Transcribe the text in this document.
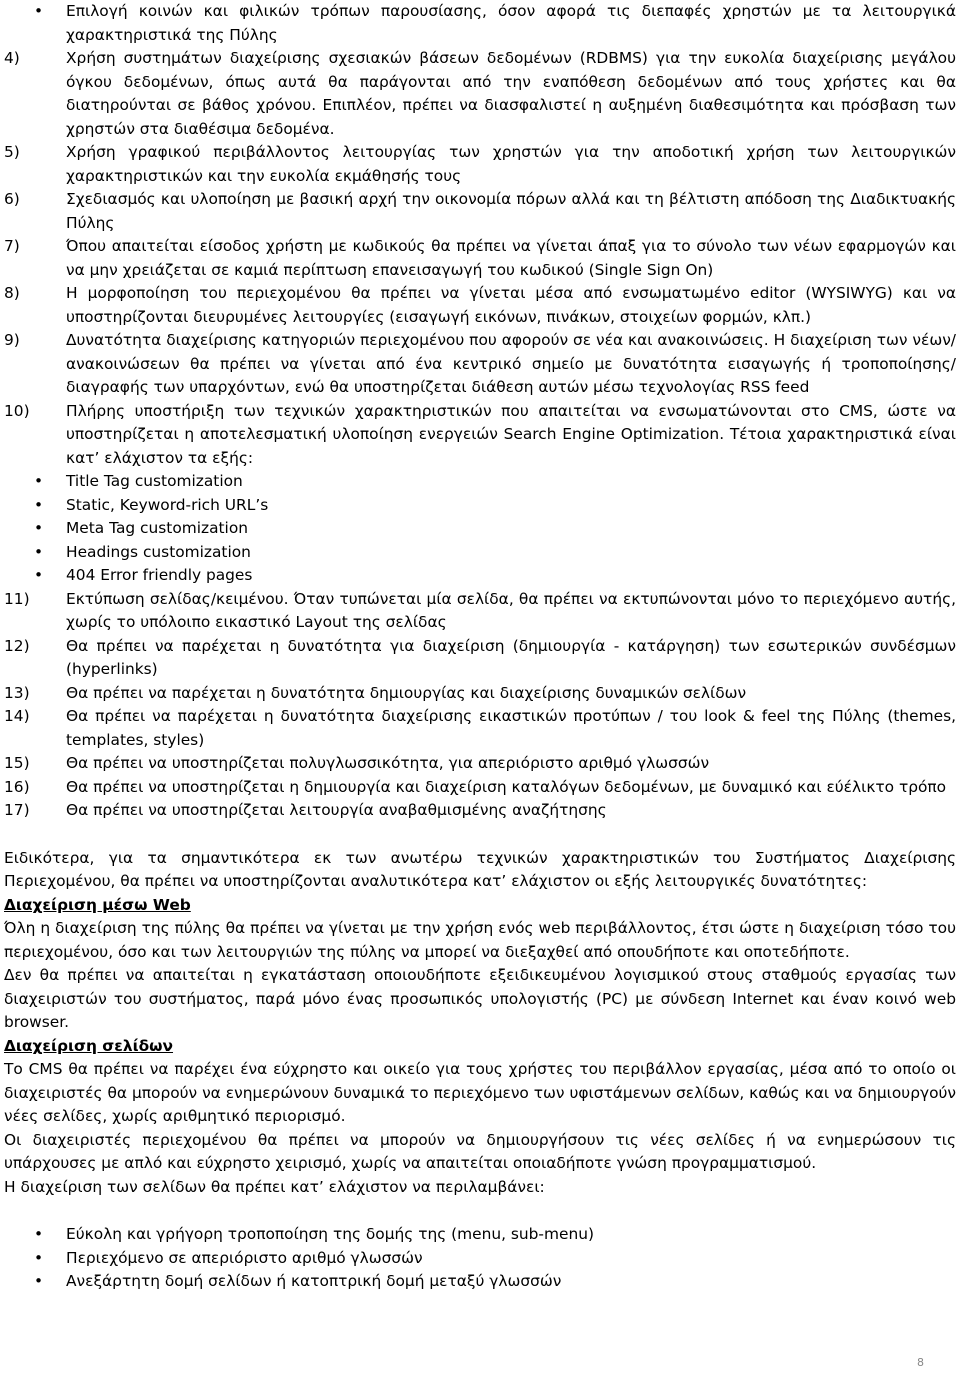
•	Επιλογή κοινών και φιλικών τρόπων παρουσίασης, όσον αφορά τις διεπαφές χρηστών με τα λειτουργικά χαρακτηριστικά της Πύλης
4)	Χρήση συστημάτων διαχείρισης σχεσιακών βάσεων δεδομένων (RDBMS) για την ευκολία διαχείρισης μεγάλου όγκου δεδομένων, όπως αυτά θα παράγονται από την εναπόθεση δεδομένων από τους χρήστες και θα διατηρούνται σε βάθος χρόνου. Επιπλέον, πρέπει να διασφαλιστεί η αυξημένη διαθεσιμότητα και πρόσβαση των χρηστών στα διαθέσιμα δεδομένα.
5)	Χρήση γραφικού περιβάλλοντος λειτουργίας των χρηστών για την αποδοτική χρήση των λειτουργικών χαρακτηριστικών και την ευκολία εκμάθησής τους
6)	Σχεδιασμός και υλοποίηση με βασική αρχή την οικονομία πόρων αλλά και τη βέλτιστη απόδοση της Διαδικτυακής Πύλης
7)	Όπου απαιτείται είσοδος χρήστη με κωδικούς θα πρέπει να γίνεται άπαξ για το σύνολο των νέων εφαρμογών και να μην χρειάζεται σε καμιά περίπτωση επανεισαγωγή του κωδικού (Single Sign On)
8)	Η μορφοποίηση του περιεχομένου θα πρέπει να γίνεται μέσα από ενσωματωμένο editor (WYSIWYG) και να υποστηρίζονται διευρυμένες λειτουργίες (εισαγωγή εικόνων, πινάκων, στοιχείων φορμών, κλπ.)
9)	Δυνατότητα διαχείρισης κατηγοριών περιεχομένου που αφορούν σε νέα και ανακοινώσεις. Η διαχείριση των νέων/ανακοινώσεων θα πρέπει να γίνεται από ένα κεντρικό σημείο με δυνατότητα εισαγωγής ή τροποποίησης/διαγραφής των υπαρχόντων, ενώ θα υποστηρίζεται διάθεση αυτών μέσω τεχνολογίας RSS feed
10)	Πλήρης υποστήριξη των τεχνικών χαρακτηριστικών που απαιτείται να ενσωματώνονται στο CMS, ώστε να υποστηρίζεται η αποτελεσματική υλοποίηση ενεργειών Search Engine Optimization. Τέτοια χαρακτηριστικά είναι κατ’ ελάχιστον τα εξής:
•	Title Tag customization
•	Static, Keyword-rich URL’s
•	Meta Tag customization
•	Headings customization
•	404 Error friendly pages
11)	Εκτύπωση σελίδας/κειμένου. Όταν τυπώνεται μία σελίδα, θα πρέπει να εκτυπώνονται μόνο το περιεχόμενο αυτής, χωρίς το υπόλοιπο εικαστικό Layout της σελίδας
12)	Θα πρέπει να παρέχεται η δυνατότητα για διαχείριση (δημιουργία - κατάργηση) των εσωτερικών συνδέσμων (hyperlinks)
13)	Θα πρέπει να παρέχεται η δυνατότητα δημιουργίας και διαχείρισης δυναμικών σελίδων
14)	Θα πρέπει να παρέχεται η δυνατότητα διαχείρισης εικαστικών προτύπων / του look & feel της Πύλης (themes, templates, styles)
15)	Θα πρέπει να υποστηρίζεται πολυγλωσσικότητα, για απεριόριστο αριθμό γλωσσών
16)	Θα πρέπει να υποστηρίζεται η δημιουργία και διαχείριση καταλόγων δεδομένων, με δυναμικό και εύέλικτο τρόπο
17)	Θα πρέπει να υποστηρίζεται λειτουργία αναβαθμισμένης αναζήτησης
Ειδικότερα, για τα σημαντικότερα εκ των ανωτέρω τεχνικών χαρακτηριστικών του Συστήματος Διαχείρισης Περιεχομένου, θα πρέπει να υποστηρίζονται αναλυτικότερα κατ’ ελάχιστον οι εξής λειτουργικές δυνατότητες:
Διαχείριση μέσω Web
Όλη η διαχείριση της πύλης θα πρέπει να γίνεται με την χρήση ενός web περιβάλλοντος, έτσι ώστε η διαχείριση τόσο του περιεχομένου, όσο και των λειτουργιών της πύλης να μπορεί να διεξαχθεί από οπουδήποτε και οποτεδήποτε.
Δεν θα πρέπει να απαιτείται η εγκατάσταση οποιουδήποτε εξειδικευμένου λογισμικού στους σταθμούς εργασίας των διαχειριστών του συστήματος, παρά μόνο ένας προσωπικός υπολογιστής (PC) με σύνδεση Internet και έναν κοινό web browser.
Διαχείριση σελίδων
Το CMS θα πρέπει να παρέχει ένα εύχρηστο και οικείο για τους χρήστες του περιβάλλον εργασίας, μέσα από το οποίο οι διαχειριστές θα μπορούν να ενημερώνουν δυναμικά το περιεχόμενο των υφιστάμενων σελίδων, καθώς και να δημιουργούν νέες σελίδες, χωρίς αριθμητικό περιορισμό.
Οι διαχειριστές περιεχομένου θα πρέπει να μπορούν να δημιουργήσουν τις νέες σελίδες ή να ενημερώσουν τις υπάρχουσες με απλό και εύχρηστο χειρισμό, χωρίς να απαιτείται οποιαδήποτε γνώση προγραμματισμού.
Η διαχείριση των σελίδων θα πρέπει κατ’ ελάχιστον να περιλαμβάνει:
•	Εύκολη και γρήγορη τροποποίηση της δομής της (menu, sub-menu)
•	Περιεχόμενο σε απεριόριστο αριθμό γλωσσών
•	Ανεξάρτητη δομή σελίδων ή κατοπτρική δομή μεταξύ γλωσσών
8
